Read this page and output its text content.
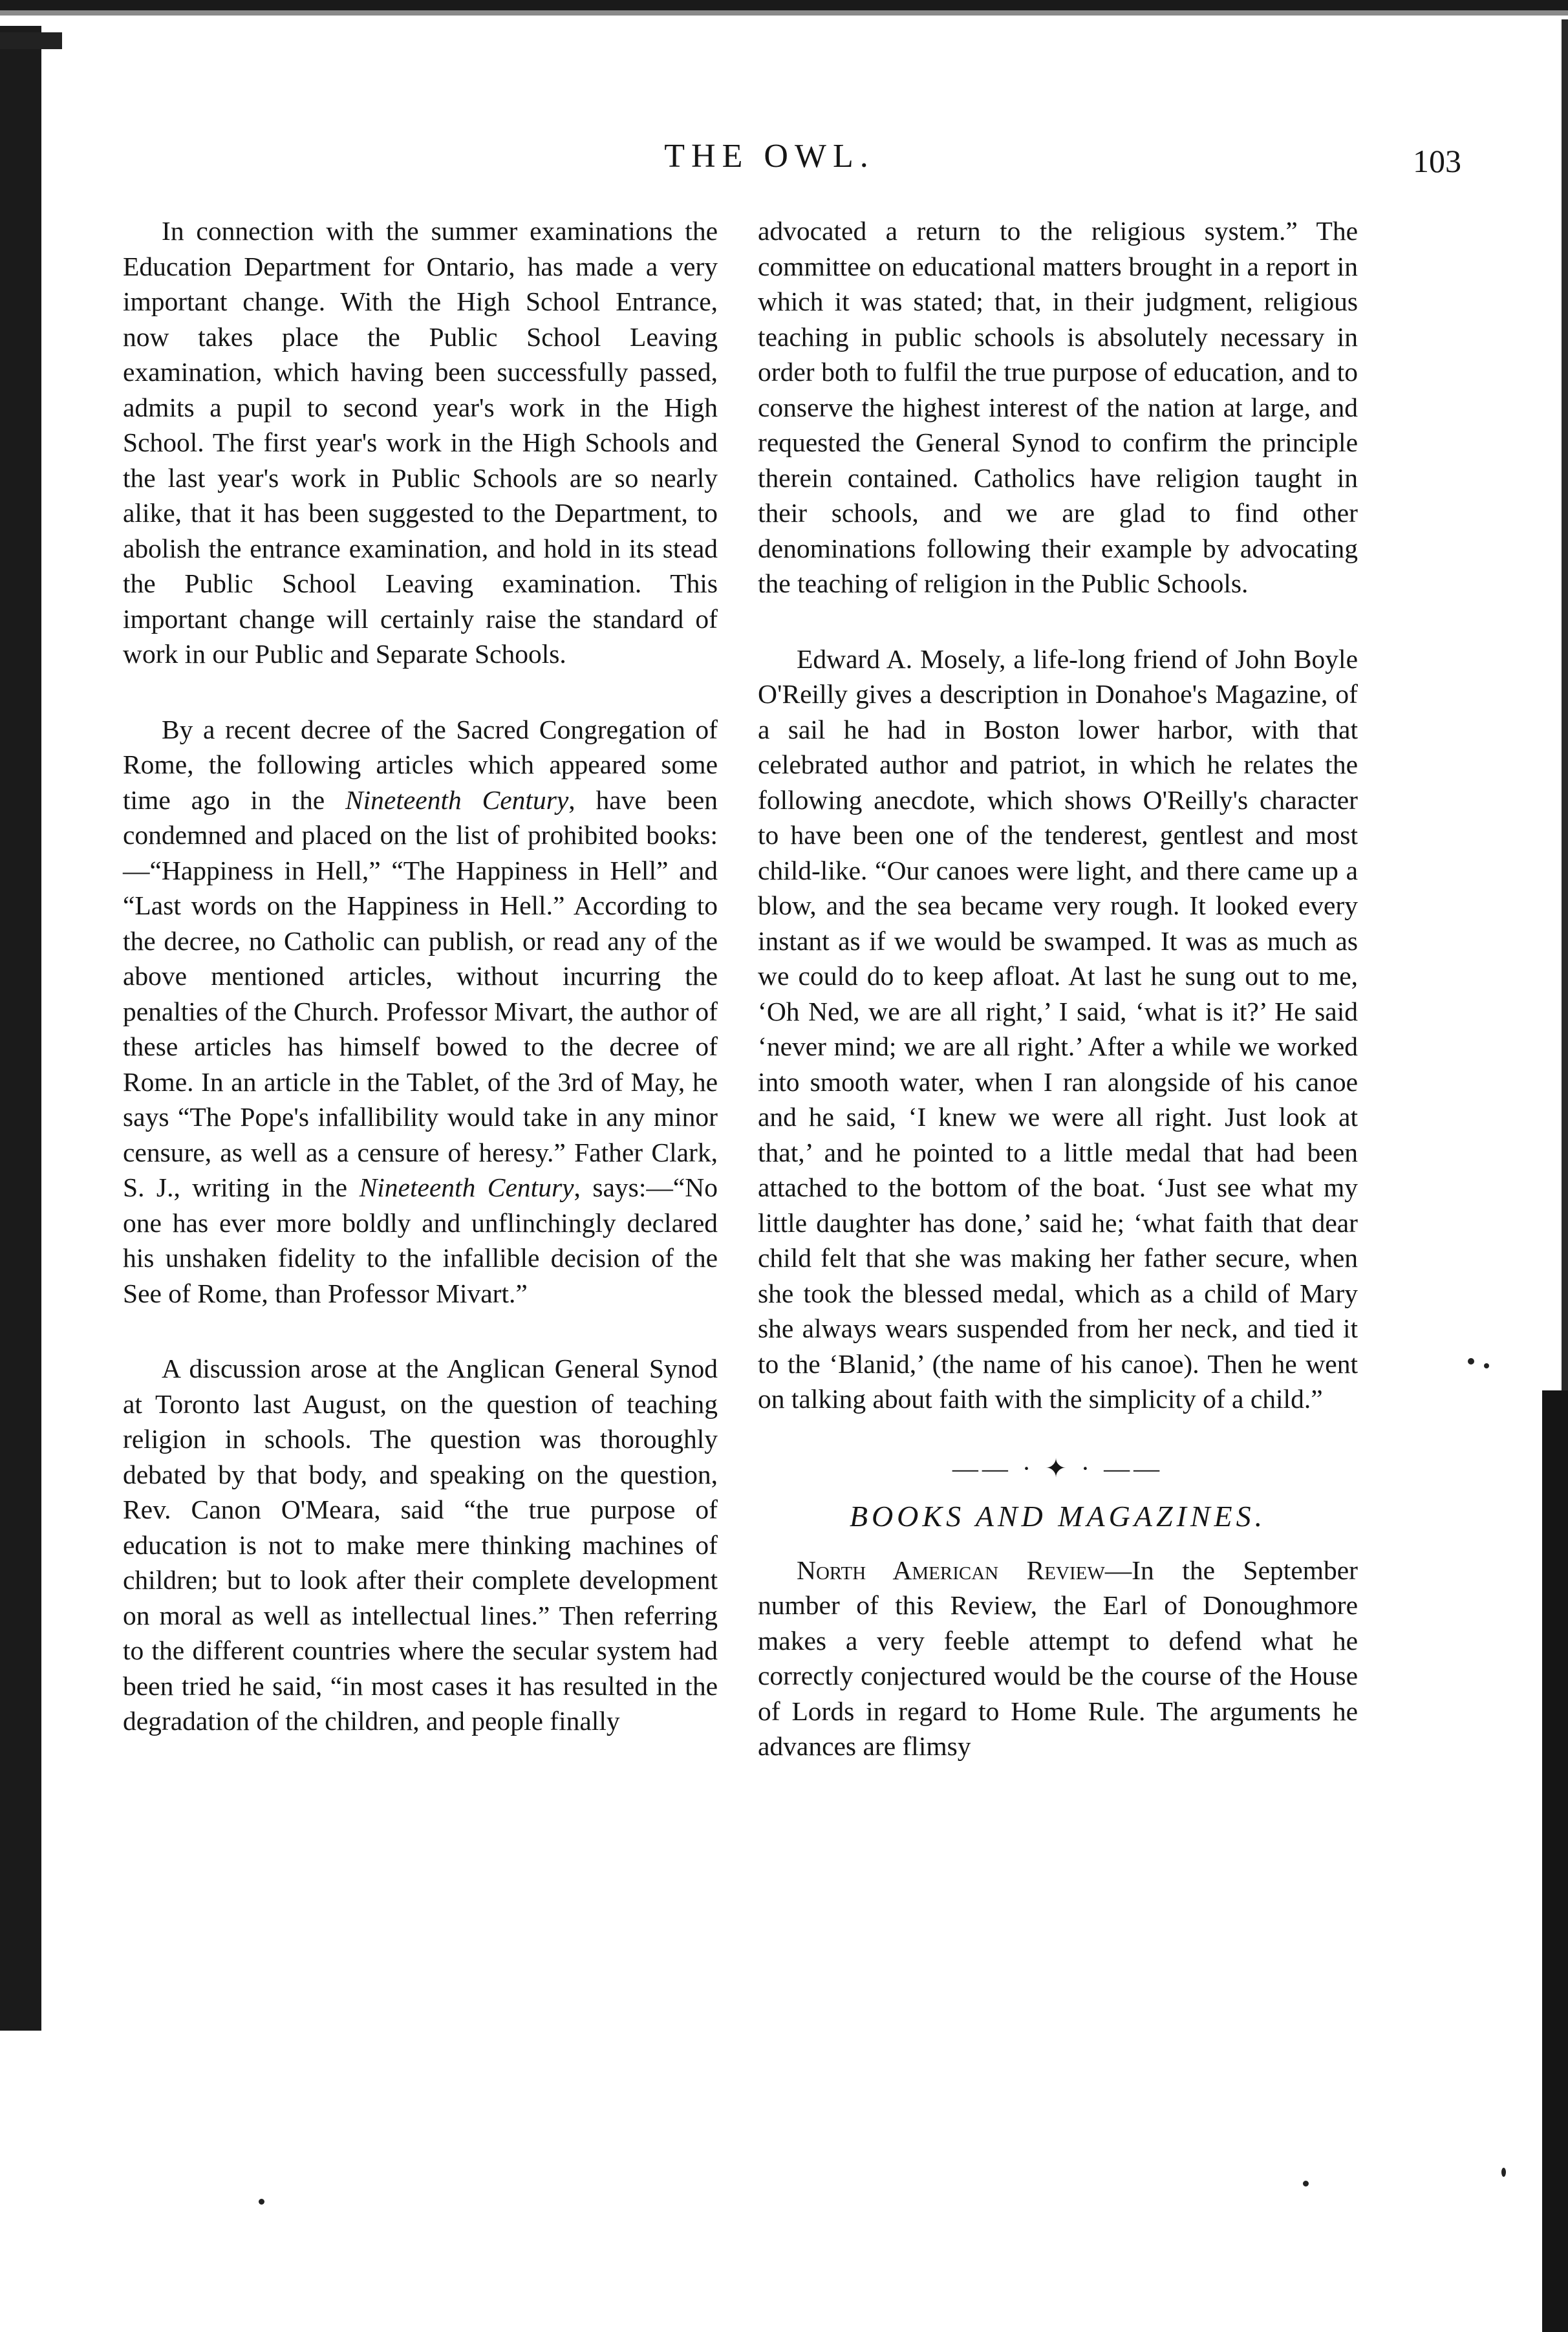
THE OWL.	103

In connection with the summer examinations the Education Department for Ontario, has made a very important change. With the High School Entrance, now takes place the Public School Leaving examination, which having been successfully passed, admits a pupil to second year's work in the High School. The first year's work in the High Schools and the last year's work in Public Schools are so nearly alike, that it has been suggested to the Department, to abolish the entrance examination, and hold in its stead the Public School Leaving examination. This important change will certainly raise the standard of work in our Public and Separate Schools.

By a recent decree of the Sacred Congregation of Rome, the following articles which appeared some time ago in the Nineteenth Century, have been condemned and placed on the list of prohibited books:—“Happiness in Hell,” “The Happiness in Hell” and “Last words on the Happiness in Hell.” According to the decree, no Catholic can publish, or read any of the above mentioned articles, without incurring the penalties of the Church. Professor Mivart, the author of these articles has himself bowed to the decree of Rome. In an article in the Tablet, of the 3rd of May, he says “The Pope's infallibility would take in any minor censure, as well as a censure of heresy.” Father Clark, S. J., writing in the Nineteenth Century, says:—“No one has ever more boldly and unflinchingly declared his unshaken fidelity to the infallible decision of the See of Rome, than Professor Mivart.”

A discussion arose at the Anglican General Synod at Toronto last August, on the question of teaching religion in schools. The question was thoroughly debated by that body, and speaking on the question, Rev. Canon O'Meara, said “the true purpose of education is not to make mere thinking machines of children; but to look after their complete development on moral as well as intellectual lines.” Then referring to the different countries where the secular system had been tried he said, “in most cases it has resulted in the degradation of the children, and people finally

advocated a return to the religious system.” The committee on educational matters brought in a report in which it was stated; that, in their judgment, religious teaching in public schools is absolutely necessary in order both to fulfil the true purpose of education, and to conserve the highest interest of the nation at large, and requested the General Synod to confirm the principle therein contained. Catholics have religion taught in their schools, and we are glad to find other denominations following their example by advocating the teaching of religion in the Public Schools.

Edward A. Mosely, a life-long friend of John Boyle O'Reilly gives a description in Donahoe's Magazine, of a sail he had in Boston lower harbor, with that celebrated author and patriot, in which he relates the following anecdote, which shows O'Reilly's character to have been one of the tenderest, gentlest and most child-like. “Our canoes were light, and there came up a blow, and the sea became very rough. It looked every instant as if we would be swamped. It was as much as we could do to keep afloat. At last he sung out to me, ‘Oh Ned, we are all right,’ I said, ‘what is it?’ He said ‘never mind; we are all right.’ After a while we worked into smooth water, when I ran alongside of his canoe and he said, ‘I knew we were all right. Just look at that,’ and he pointed to a little medal that had been attached to the bottom of the boat. ‘Just see what my little daughter has done,’ said he; ‘what faith that dear child felt that she was making her father secure, when she took the blessed medal, which as a child of Mary she always wears suspended from her neck, and tied it to the ‘Blanid,’ (the name of his canoe). Then he went on talking about faith with the simplicity of a child.”

—— · ✦ · ——

BOOKS AND MAGAZINES.

North American Review—In the September number of this Review, the Earl of Donoughmore makes a very feeble attempt to defend what he correctly conjectured would be the course of the House of Lords in regard to Home Rule. The arguments he advances are flimsy
